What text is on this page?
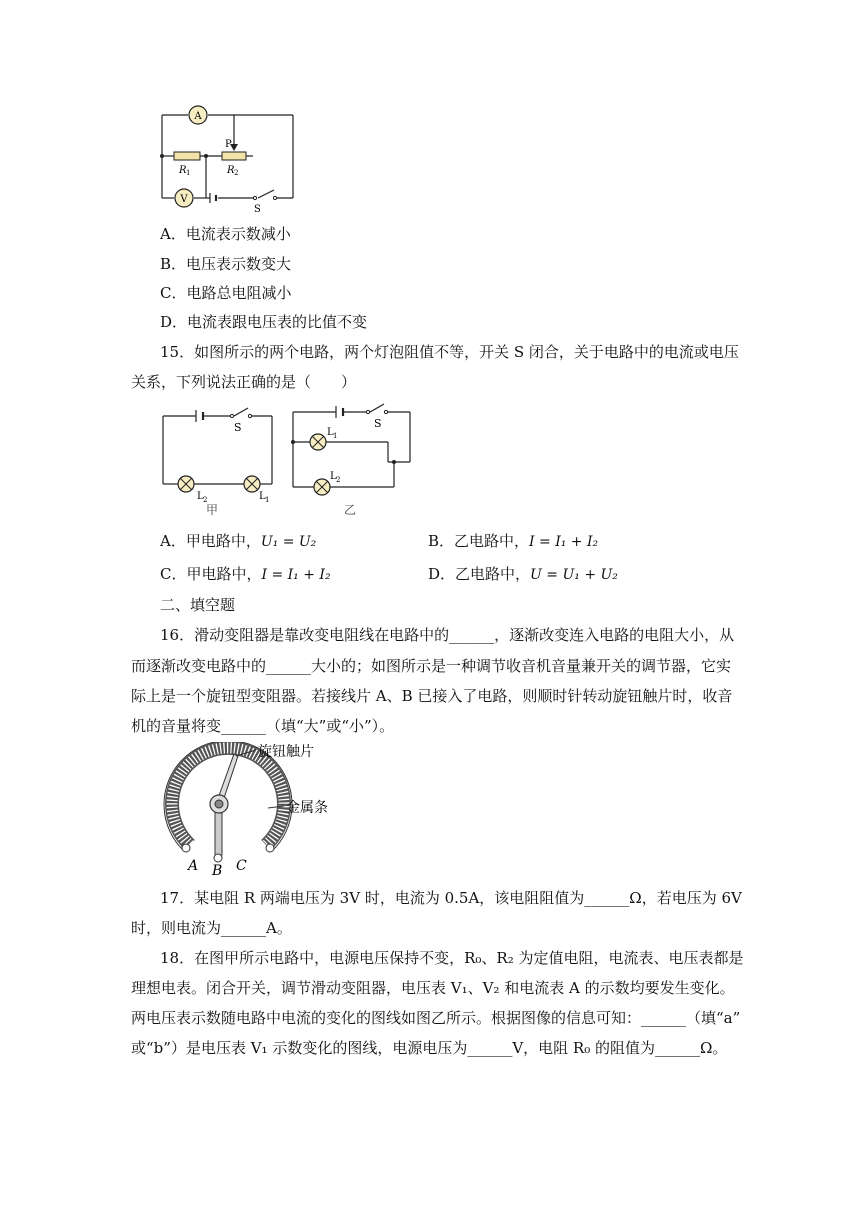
A
V
P
R 1	R 2
S
A．电流表示数减小
B．电压表示数变大
C．电路总电阻减小
D．电流表跟电压表的比值不变
15．如图所示的两个电路，两个灯泡阻值不等，开关 S 闭合，关于电路中的电流或电压
关系，下列说法正确的是（　　）
S
L 2	L 1
甲
S
L 1
L 2
乙
A．甲电路中，U₁ = U₂	B．乙电路中，I = I₁ + I₂
C．甲电路中，I = I₁ + I₂	D．乙电路中，U = U₁ + U₂
二、填空题
16．滑动变阻器是靠改变电阻线在电路中的______，逐渐改变连入电路的电阻大小，从
而逐渐改变电路中的______大小的；如图所示是一种调节收音机音量兼开关的调节器，它实
际上是一个旋钮型变阻器。若接线片 A、B 已接入了电路，则顺时针转动旋钮触片时，收音
机的音量将变______（填“大”或“小”）。
旋钮触片
金属条
A B C
17．某电阻 R 两端电压为 3V 时，电流为 0.5A，该电阻阻值为______Ω，若电压为 6V
时，则电流为______A。
18．在图甲所示电路中，电源电压保持不变，R₀、R₂ 为定值电阻，电流表、电压表都是
理想电表。闭合开关，调节滑动变阻器，电压表 V₁、V₂ 和电流表 A 的示数均要发生变化。
两电压表示数随电路中电流的变化的图线如图乙所示。根据图像的信息可知：______（填“a”
或“b”）是电压表 V₁ 示数变化的图线，电源电压为______V，电阻 R₀ 的阻值为______Ω。
